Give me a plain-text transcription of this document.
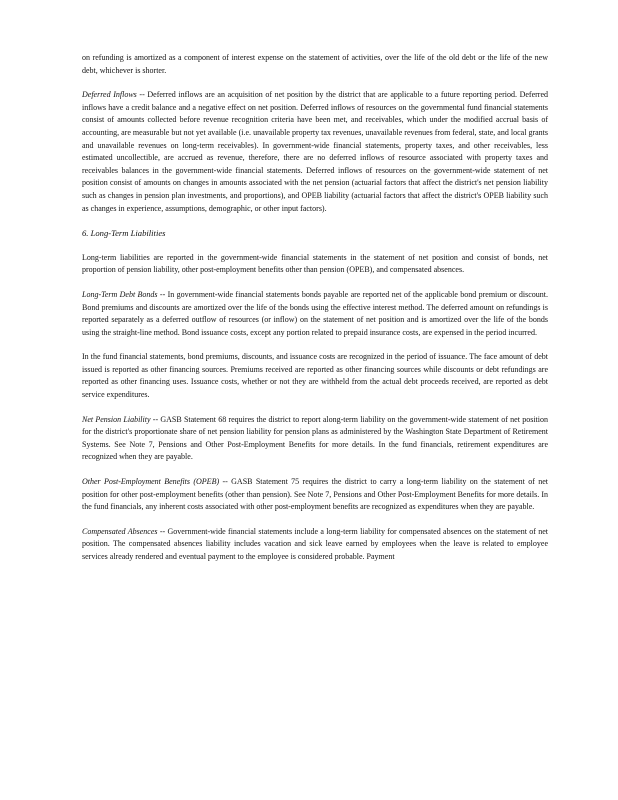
on refunding is amortized as a component of interest expense on the statement of activities, over the life of the old debt or the life of the new debt, whichever is shorter.

Deferred Inflows -- Deferred inflows are an acquisition of net position by the district that are applicable to a future reporting period. Deferred inflows have a credit balance and a negative effect on net position. Deferred inflows of resources on the governmental fund financial statements consist of amounts collected before revenue recognition criteria have been met, and receivables, which under the modified accrual basis of accounting, are measurable but not yet available (i.e. unavailable property tax revenues, unavailable revenues from federal, state, and local grants and unavailable revenues on long-term receivables). In government-wide financial statements, property taxes, and other receivables, less estimated uncollectible, are accrued as revenue, therefore, there are no deferred inflows of resource associated with property taxes and receivables balances in the government-wide financial statements. Deferred inflows of resources on the government-wide statement of net position consist of amounts on changes in amounts associated with the net pension (actuarial factors that affect the district's net pension liability such as changes in pension plan investments, and proportions), and OPEB liability (actuarial factors that affect the district's OPEB liability such as changes in experience, assumptions, demographic, or other input factors).

6. Long-Term Liabilities

Long-term liabilities are reported in the government-wide financial statements in the statement of net position and consist of bonds, net proportion of pension liability, other post-employment benefits other than pension (OPEB), and compensated absences.

Long-Term Debt Bonds -- In government-wide financial statements bonds payable are reported net of the applicable bond premium or discount. Bond premiums and discounts are amortized over the life of the bonds using the effective interest method. The deferred amount on refundings is reported separately as a deferred outflow of resources (or inflow) on the statement of net position and is amortized over the life of the bonds using the straight-line method. Bond issuance costs, except any portion related to prepaid insurance costs, are expensed in the period incurred.

In the fund financial statements, bond premiums, discounts, and issuance costs are recognized in the period of issuance. The face amount of debt issued is reported as other financing sources. Premiums received are reported as other financing sources while discounts or debt refundings are reported as other financing uses. Issuance costs, whether or not they are withheld from the actual debt proceeds received, are reported as debt service expenditures.

Net Pension Liability -- GASB Statement 68 requires the district to report along-term liability on the government-wide statement of net position for the district's proportionate share of net pension liability for pension plans as administered by the Washington State Department of Retirement Systems. See Note 7, Pensions and Other Post-Employment Benefits for more details. In the fund financials, retirement expenditures are recognized when they are payable.

Other Post-Employment Benefits (OPEB) -- GASB Statement 75 requires the district to carry a long-term liability on the statement of net position for other post-employment benefits (other than pension). See Note 7, Pensions and Other Post-Employment Benefits for more details. In the fund financials, any inherent costs associated with other post-employment benefits are recognized as expenditures when they are payable.

Compensated Absences -- Government-wide financial statements include a long-term liability for compensated absences on the statement of net position. The compensated absences liability includes vacation and sick leave earned by employees when the leave is related to employee services already rendered and eventual payment to the employee is considered probable. Payment
